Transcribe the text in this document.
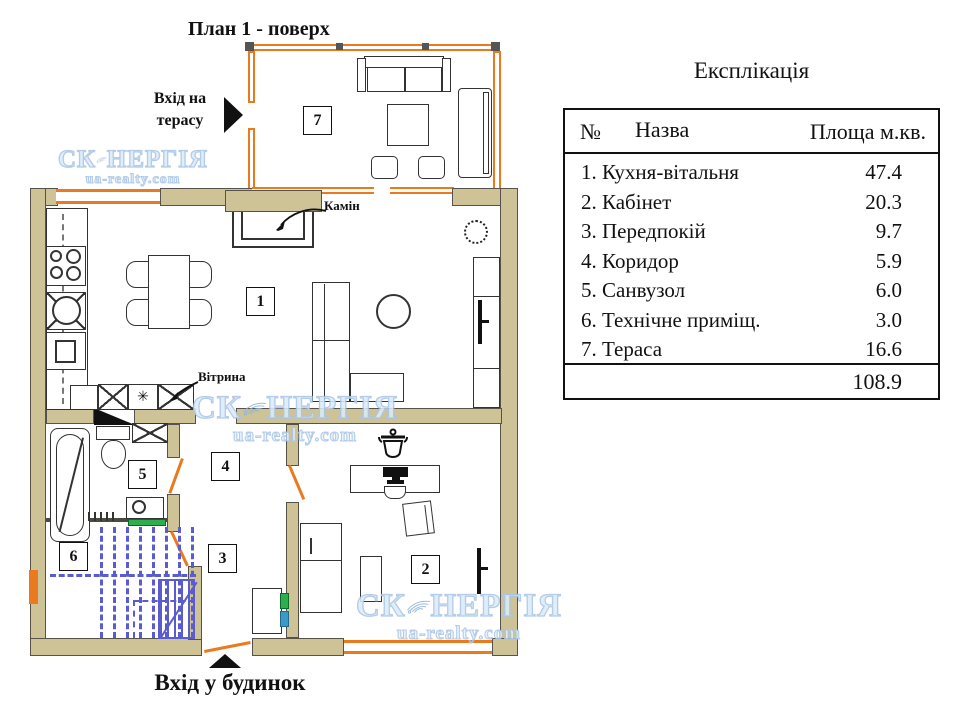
План 1 - поверх
Вхід на терасу
Вхід у будинок
✳
Камін
Вітрина
1
2
3
4
5
6
7
Експлікація
№ Назва	Площа м.кв.
1. Кухня-вітальня	47.4
2. Кабінет	20.3
3. Передпокій	9.7
4. Коридор	5.9
5. Санвузол	6.0
6. Технічне приміщ.	3.0
7. Тераса	16.6
108.9
СК НЕРГІЯ
ua-realty.com
СК НЕРГІЯ
ua-realty.com
СК НЕРГІЯ
ua-realty.com
